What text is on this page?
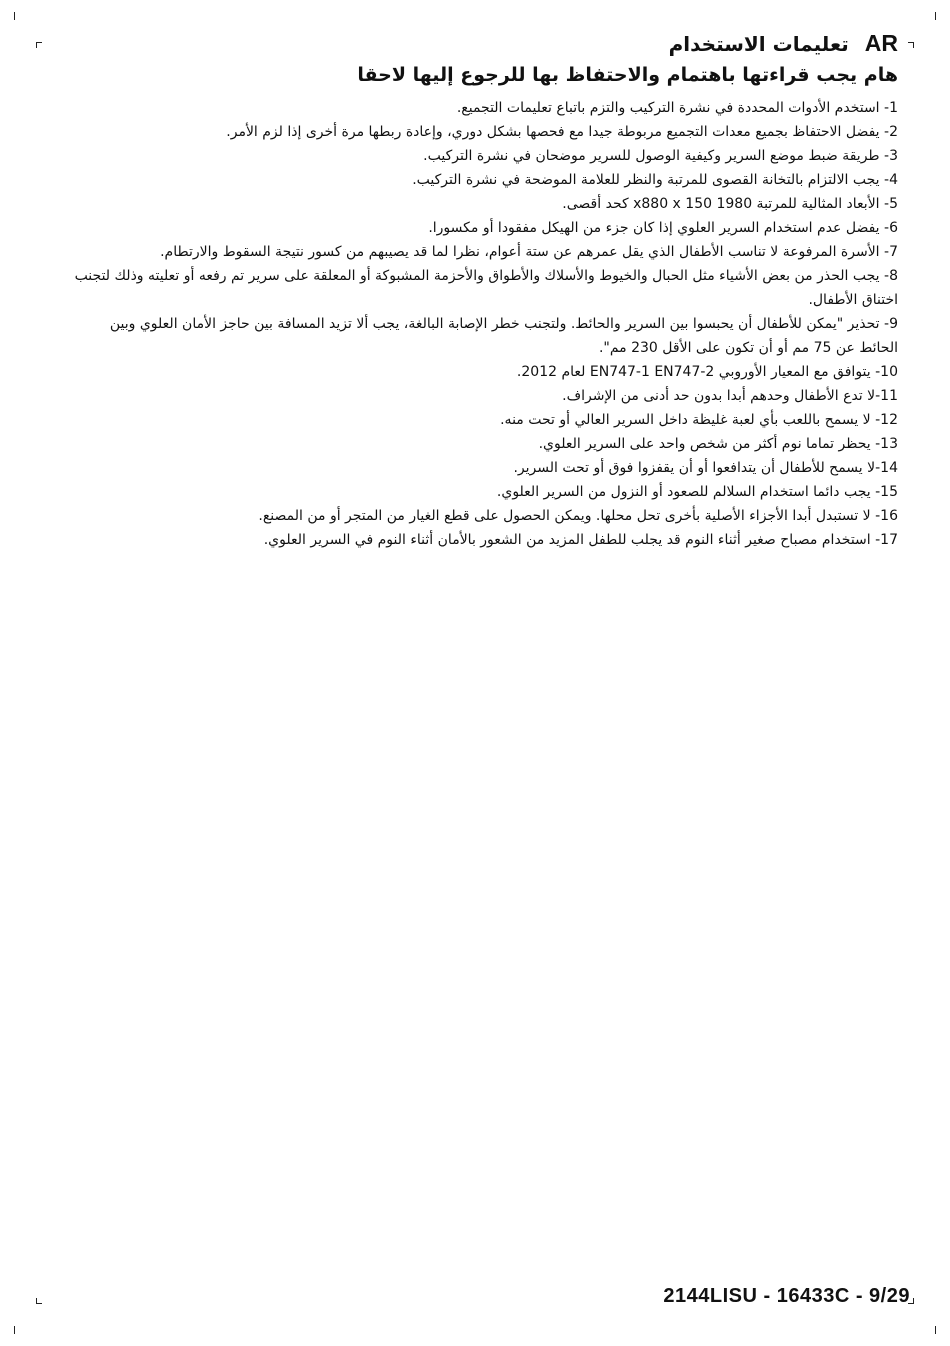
تعليمات الاستخدام AR
هام يجب قراءتها باهتمام والاحتفاظ بها للرجوع إليها لاحقا

1- استخدم الأدوات المحددة في نشرة التركيب والتزم باتباع تعليمات التجميع.

2- يفضل الاحتفاظ بجميع معدات التجميع مربوطة جيدا مع فحصها بشكل دوري، وإعادة ربطها مرة أخرى إذا لزم الأمر.

3- طريقة ضبط موضع السرير وكيفية الوصول للسرير موضحان في نشرة التركيب.

4- يجب الالتزام بالتخانة القصوى للمرتبة والنظر للعلامة الموضحة في نشرة التركيب.

5- الأبعاد المثالية للمرتبة 1980 x880 x 150 كحد أقصى.

6- يفضل عدم استخدام السرير العلوي إذا كان جزء من الهيكل مفقودا أو مكسورا.

7- الأسرة المرفوعة لا تناسب الأطفال الذي يقل عمرهم عن ستة أعوام، نظرا لما قد يصيبهم من كسور نتيجة السقوط والارتطام.

8- يجب الحذر من بعض الأشياء مثل الحبال والخيوط والأسلاك والأطواق والأحزمة المشبوكة أو المعلقة على سرير تم رفعه أو تعليته وذلك لتجنب اختناق الأطفال.

9- تحذير "يمكن للأطفال أن يحبسوا بين السرير والحائط. ولتجنب خطر الإصابة البالغة، يجب ألا تزيد المسافة بين حاجز الأمان العلوي وبين الحائط عن 75 مم أو أن تكون على الأقل 230 مم".

10- يتوافق مع المعيار الأوروبي EN747-1 EN747-2 لعام 2012.

11-لا تدع الأطفال وحدهم أبدا بدون حد أدنى من الإشراف.

12- لا يسمح باللعب بأي لعبة غليظة داخل السرير العالي أو تحت منه.

13- يحظر تماما نوم أكثر من شخص واحد على السرير العلوي.

14-لا يسمح للأطفال أن يتدافعوا أو أن يقفزوا فوق أو تحت السرير.

15- يجب دائما استخدام السلالم للصعود أو النزول من السرير العلوي.

16- لا تستبدل أبدا الأجزاء الأصلية بأخرى تحل محلها. ويمكن الحصول على قطع الغيار من المتجر أو من المصنع.

17- استخدام مصباح صغير أثناء النوم قد يجلب للطفل المزيد من الشعور بالأمان أثناء النوم في السرير العلوي.

2144LISU - 16433C - 9/29
